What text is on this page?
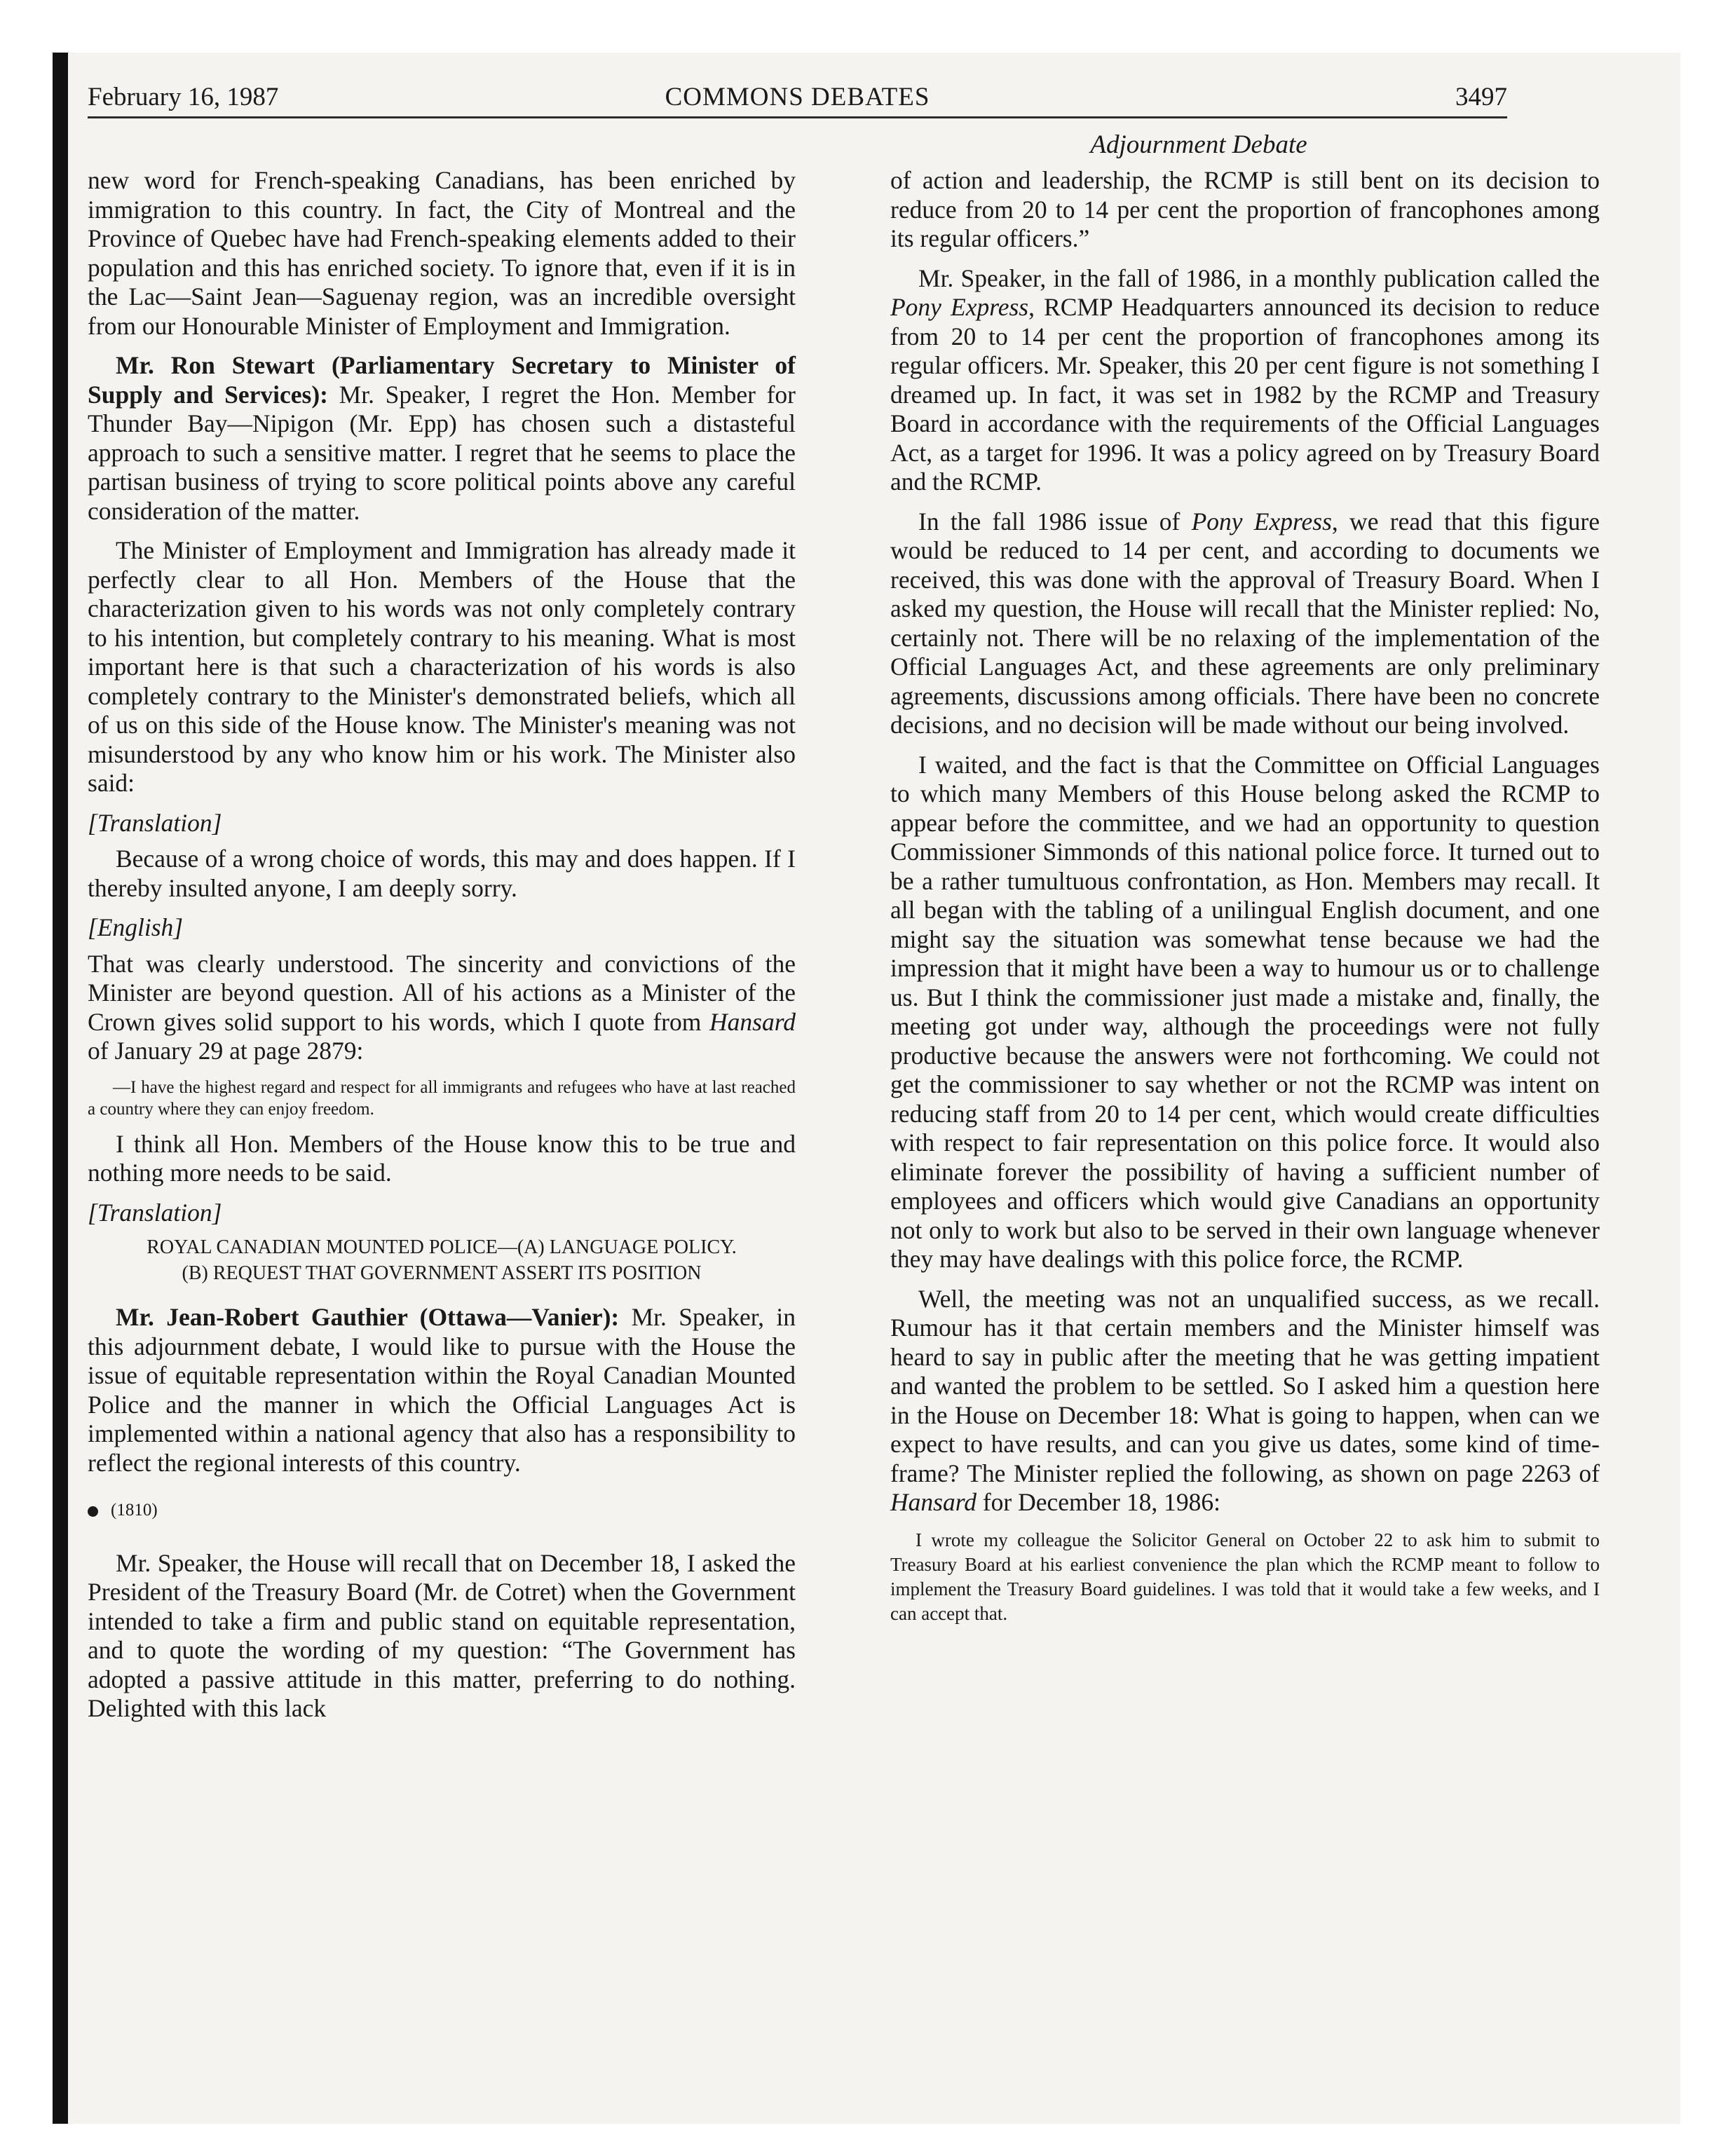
February 16, 1987	COMMONS DEBATES	3497
Adjournment Debate

new word for French-speaking Canadians, has been enriched by immigration to this country. In fact, the City of Montreal and the Province of Quebec have had French-speaking elements added to their population and this has enriched society. To ignore that, even if it is in the Lac—Saint Jean—Saguenay region, was an incredible oversight from our Honourable Minister of Employment and Immigration.

Mr. Ron Stewart (Parliamentary Secretary to Minister of Supply and Services): Mr. Speaker, I regret the Hon. Member for Thunder Bay—Nipigon (Mr. Epp) has chosen such a distasteful approach to such a sensitive matter. I regret that he seems to place the partisan business of trying to score political points above any careful consideration of the matter.

The Minister of Employment and Immigration has already made it perfectly clear to all Hon. Members of the House that the characterization given to his words was not only completely contrary to his intention, but completely contrary to his meaning. What is most important here is that such a characterization of his words is also completely contrary to the Minister's demonstrated beliefs, which all of us on this side of the House know. The Minister's meaning was not misunderstood by any who know him or his work. The Minister also said:

[Translation]

Because of a wrong choice of words, this may and does happen. If I thereby insulted anyone, I am deeply sorry.

[English]

That was clearly understood. The sincerity and convictions of the Minister are beyond question. All of his actions as a Minister of the Crown gives solid support to his words, which I quote from Hansard of January 29 at page 2879:

—I have the highest regard and respect for all immigrants and refugees who have at last reached a country where they can enjoy freedom.

I think all Hon. Members of the House know this to be true and nothing more needs to be said.

[Translation]

ROYAL CANADIAN MOUNTED POLICE—(A) LANGUAGE POLICY.
(B) REQUEST THAT GOVERNMENT ASSERT ITS POSITION

Mr. Jean-Robert Gauthier (Ottawa—Vanier): Mr. Speaker, in this adjournment debate, I would like to pursue with the House the issue of equitable representation within the Royal Canadian Mounted Police and the manner in which the Official Languages Act is implemented within a national agency that also has a responsibility to reflect the regional interests of this country.

(1810)

Mr. Speaker, the House will recall that on December 18, I asked the President of the Treasury Board (Mr. de Cotret) when the Government intended to take a firm and public stand on equitable representation, and to quote the wording of my question: “The Government has adopted a passive attitude in this matter, preferring to do nothing. Delighted with this lack

of action and leadership, the RCMP is still bent on its decision to reduce from 20 to 14 per cent the proportion of francophones among its regular officers.”

Mr. Speaker, in the fall of 1986, in a monthly publication called the Pony Express, RCMP Headquarters announced its decision to reduce from 20 to 14 per cent the proportion of francophones among its regular officers. Mr. Speaker, this 20 per cent figure is not something I dreamed up. In fact, it was set in 1982 by the RCMP and Treasury Board in accordance with the requirements of the Official Languages Act, as a target for 1996. It was a policy agreed on by Treasury Board and the RCMP.

In the fall 1986 issue of Pony Express, we read that this figure would be reduced to 14 per cent, and according to documents we received, this was done with the approval of Treasury Board. When I asked my question, the House will recall that the Minister replied: No, certainly not. There will be no relaxing of the implementation of the Official Languages Act, and these agreements are only preliminary agreements, discussions among officials. There have been no concrete decisions, and no decision will be made without our being involved.

I waited, and the fact is that the Committee on Official Languages to which many Members of this House belong asked the RCMP to appear before the committee, and we had an opportunity to question Commissioner Simmonds of this national police force. It turned out to be a rather tumultuous confrontation, as Hon. Members may recall. It all began with the tabling of a unilingual English document, and one might say the situation was somewhat tense because we had the impression that it might have been a way to humour us or to challenge us. But I think the commissioner just made a mistake and, finally, the meeting got under way, although the proceedings were not fully productive because the answers were not forthcoming. We could not get the commissioner to say whether or not the RCMP was intent on reducing staff from 20 to 14 per cent, which would create difficulties with respect to fair representation on this police force. It would also eliminate forever the possibility of having a sufficient number of employees and officers which would give Canadians an opportunity not only to work but also to be served in their own language whenever they may have dealings with this police force, the RCMP.

Well, the meeting was not an unqualified success, as we recall. Rumour has it that certain members and the Minister himself was heard to say in public after the meeting that he was getting impatient and wanted the problem to be settled. So I asked him a question here in the House on December 18: What is going to happen, when can we expect to have results, and can you give us dates, some kind of time-frame? The Minister replied the following, as shown on page 2263 of Hansard for December 18, 1986:

I wrote my colleague the Solicitor General on October 22 to ask him to submit to Treasury Board at his earliest convenience the plan which the RCMP meant to follow to implement the Treasury Board guidelines. I was told that it would take a few weeks, and I can accept that.
